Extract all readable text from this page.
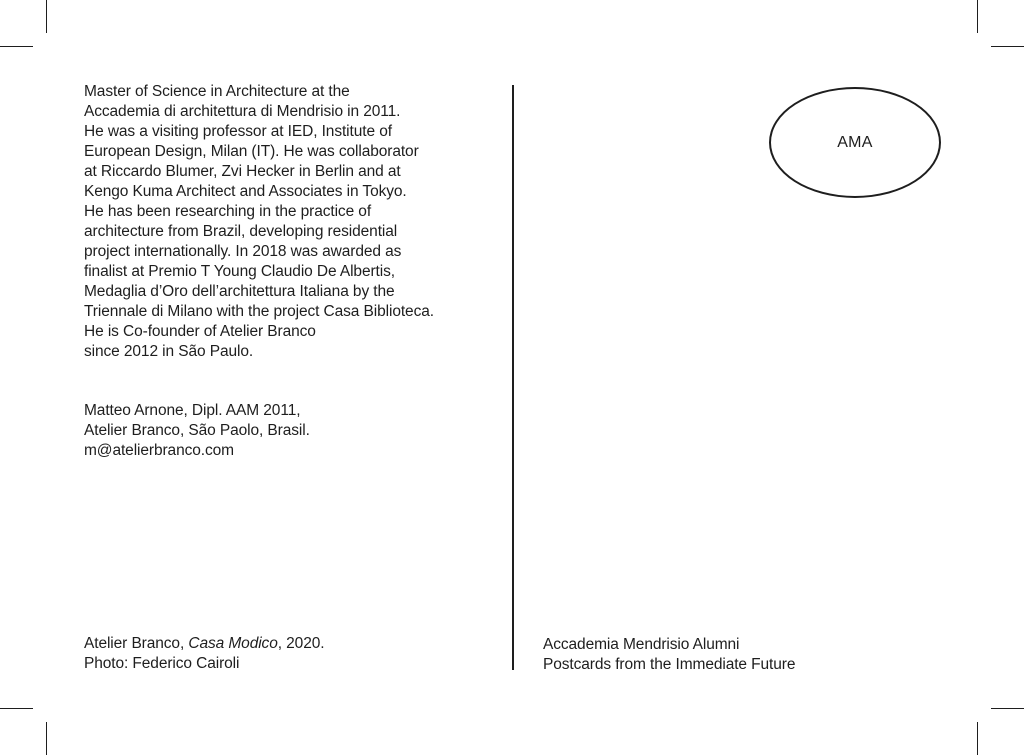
Master of Science in Architecture at the
Accademia di architettura di Mendrisio in 2011.
He was a visiting professor at IED, Institute of
European Design, Milan (IT). He was collaborator
at Riccardo Blumer, Zvi Hecker in Berlin and at
Kengo Kuma Architect and Associates in Tokyo.
He has been researching in the practice of
architecture from Brazil, developing residential
project internationally. In 2018 was awarded as
finalist at Premio T Young Claudio De Albertis,
Medaglia d’Oro dell’architettura Italiana by the
Triennale di Milano with the project Casa Biblioteca.
He is Co-founder of Atelier Branco
since 2012 in São Paulo.
Matteo Arnone, Dipl. AAM 2011,
Atelier Branco, São Paolo, Brasil.
m@atelierbranco.com
Atelier Branco, Casa Modico, 2020.
Photo: Federico Cairoli
AMA
Accademia Mendrisio Alumni
Postcards from the Immediate Future
